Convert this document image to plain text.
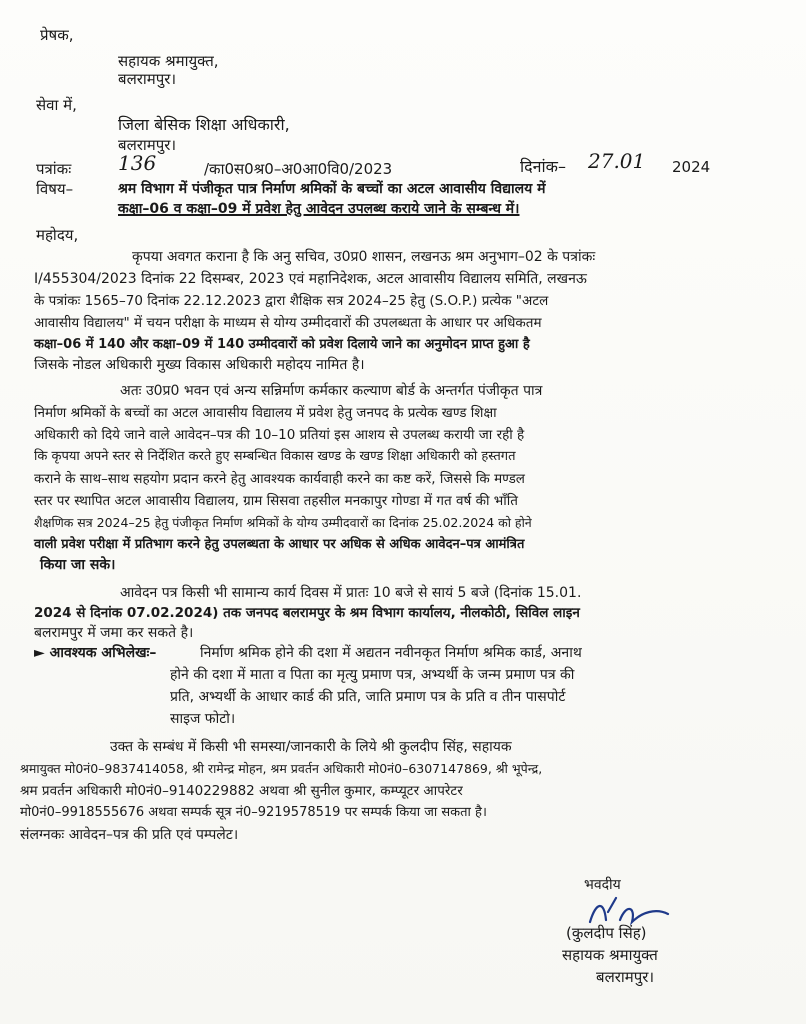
प्रेषक,
सहायक श्रमायुक्त,
बलरामपुर।
सेवा में,
जिला बेसिक शिक्षा अधिकारी,
बलरामपुर।
पत्रांकः 136	/का0स0श्र0–अ0आ0वि0/2023	दिनांक– 27.01 2024
विषय–	श्रम विभाग में पंजीकृत पात्र निर्माण श्रमिकों के बच्चों का अटल आवासीय विद्यालय में
कक्षा–06 व कक्षा–09 में प्रवेश हेतु आवेदन उपलब्ध कराये जाने के सम्बन्ध में।
महोदय,
कृपया अवगत कराना है कि अनु सचिव, उ0प्र0 शासन, लखनऊ श्रम अनुभाग–02 के पत्रांकः
I/455304/2023 दिनांक 22 दिसम्बर, 2023 एवं महानिदेशक, अटल आवासीय विद्यालय समिति, लखनऊ
के पत्रांकः 1565–70 दिनांक 22.12.2023 द्वारा शैक्षिक सत्र 2024–25 हेतु (S.O.P.) प्रत्येक "अटल
आवासीय विद्यालय" में चयन परीक्षा के माध्यम से योग्य उम्मीदवारों की उपलब्धता के आधार पर अधिकतम
कक्षा–06 में 140 और कक्षा–09 में 140 उम्मीदवारों को प्रवेश दिलाये जाने का अनुमोदन प्राप्त हुआ है
जिसके नोडल अधिकारी मुख्य विकास अधिकारी महोदय नामित है।
अतः उ0प्र0 भवन एवं अन्य सन्निर्माण कर्मकार कल्याण बोर्ड के अन्तर्गत पंजीकृत पात्र
निर्माण श्रमिकों के बच्चों का अटल आवासीय विद्यालय में प्रवेश हेतु जनपद के प्रत्येक खण्ड शिक्षा
अधिकारी को दिये जाने वाले आवेदन–पत्र की 10–10 प्रतियां इस आशय से उपलब्ध करायी जा रही है
कि कृपया अपने स्तर से निर्देशित करते हुए सम्बन्धित विकास खण्ड के खण्ड शिक्षा अधिकारी को हस्तगत
कराने के साथ–साथ सहयोग प्रदान करने हेतु आवश्यक कार्यवाही करने का कष्ट करें, जिससे कि मण्डल
स्तर पर स्थापित अटल आवासीय विद्यालय, ग्राम सिसवा तहसील मनकापुर गोण्डा में गत वर्ष की भाँति
शैक्षणिक सत्र 2024–25 हेतु पंजीकृत निर्माण श्रमिकों के योग्य उम्मीदवारों का दिनांक 25.02.2024 को होने
वाली प्रवेश परीक्षा में प्रतिभाग करने हेतु उपलब्धता के आधार पर अधिक से अधिक आवेदन–पत्र आमंत्रित
किया जा सके।
आवेदन पत्र किसी भी सामान्य कार्य दिवस में प्रातः 10 बजे से सायं 5 बजे (दिनांक 15.01.
2024 से दिनांक 07.02.2024) तक जनपद बलरामपुर के श्रम विभाग कार्यालय, नीलकोठी, सिविल लाइन
बलरामपुर में जमा कर सकते है।
► आवश्यक अभिलेखः–	निर्माण श्रमिक होने की दशा में अद्यतन नवीनकृत निर्माण श्रमिक कार्ड, अनाथ
होने की दशा में माता व पिता का मृत्यु प्रमाण पत्र, अभ्यर्थी के जन्म प्रमाण पत्र की
प्रति, अभ्यर्थी के आधार कार्ड की प्रति, जाति प्रमाण पत्र के प्रति व तीन पासपोर्ट
साइज फोटो।
उक्त के सम्बंध में किसी भी समस्या/जानकारी के लिये श्री कुलदीप सिंह, सहायक
श्रमायुक्त मो0नं0–9837414058, श्री रामेन्द्र मोहन, श्रम प्रवर्तन अधिकारी मो0नं0–6307147869, श्री भूपेन्द्र,
श्रम प्रवर्तन अधिकारी मो0नं0–9140229882 अथवा श्री सुनील कुमार, कम्प्यूटर आपरेटर
मो0नं0–9918555676 अथवा सम्पर्क सूत्र नं0–9219578519 पर सम्पर्क किया जा सकता है।
संलग्नकः आवेदन–पत्र की प्रति एवं पम्पलेट।
भवदीय
(कुलदीप सिंह)
सहायक श्रमायुक्त
बलरामपुर।
